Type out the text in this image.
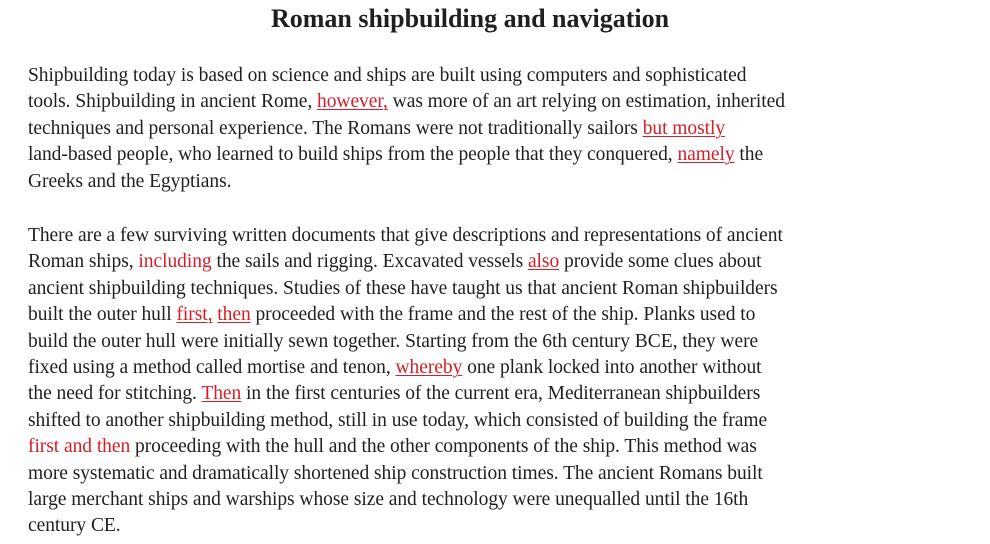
Roman shipbuilding and navigation
Shipbuilding today is based on science and ships are built using computers and sophisticated
tools. Shipbuilding in ancient Rome, however, was more of an art relying on estimation, inherited
techniques and personal experience. The Romans were not traditionally sailors but mostly
land-based people, who learned to build ships from the people that they conquered, namely the
Greeks and the Egyptians.
There are a few surviving written documents that give descriptions and representations of ancient
Roman ships, including the sails and rigging. Excavated vessels also provide some clues about
ancient shipbuilding techniques. Studies of these have taught us that ancient Roman shipbuilders
built the outer hull first, then proceeded with the frame and the rest of the ship. Planks used to
build the outer hull were initially sewn together. Starting from the 6th century BCE, they were
fixed using a method called mortise and tenon, whereby one plank locked into another without
the need for stitching. Then in the first centuries of the current era, Mediterranean shipbuilders
shifted to another shipbuilding method, still in use today, which consisted of building the frame
first and then proceeding with the hull and the other components of the ship. This method was
more systematic and dramatically shortened ship construction times. The ancient Romans built
large merchant ships and warships whose size and technology were unequalled until the 16th
century CE.
